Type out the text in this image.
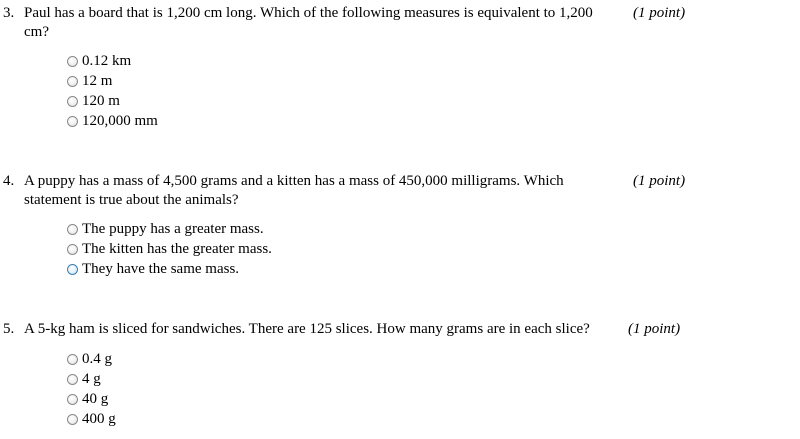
3. Paul has a board that is 1,200 cm long. Which of the following measures is equivalent to 1,200
cm?
(1 point)
0.12 km
12 m
120 m
120,000 mm
4. A puppy has a mass of 4,500 grams and a kitten has a mass of 450,000 milligrams. Which
statement is true about the animals?
(1 point)
The puppy has a greater mass.
The kitten has the greater mass.
They have the same mass.
5. A 5-kg ham is sliced for sandwiches. There are 125 slices. How many grams are in each slice?	(1 point)
0.4 g
4 g
40 g
400 g
